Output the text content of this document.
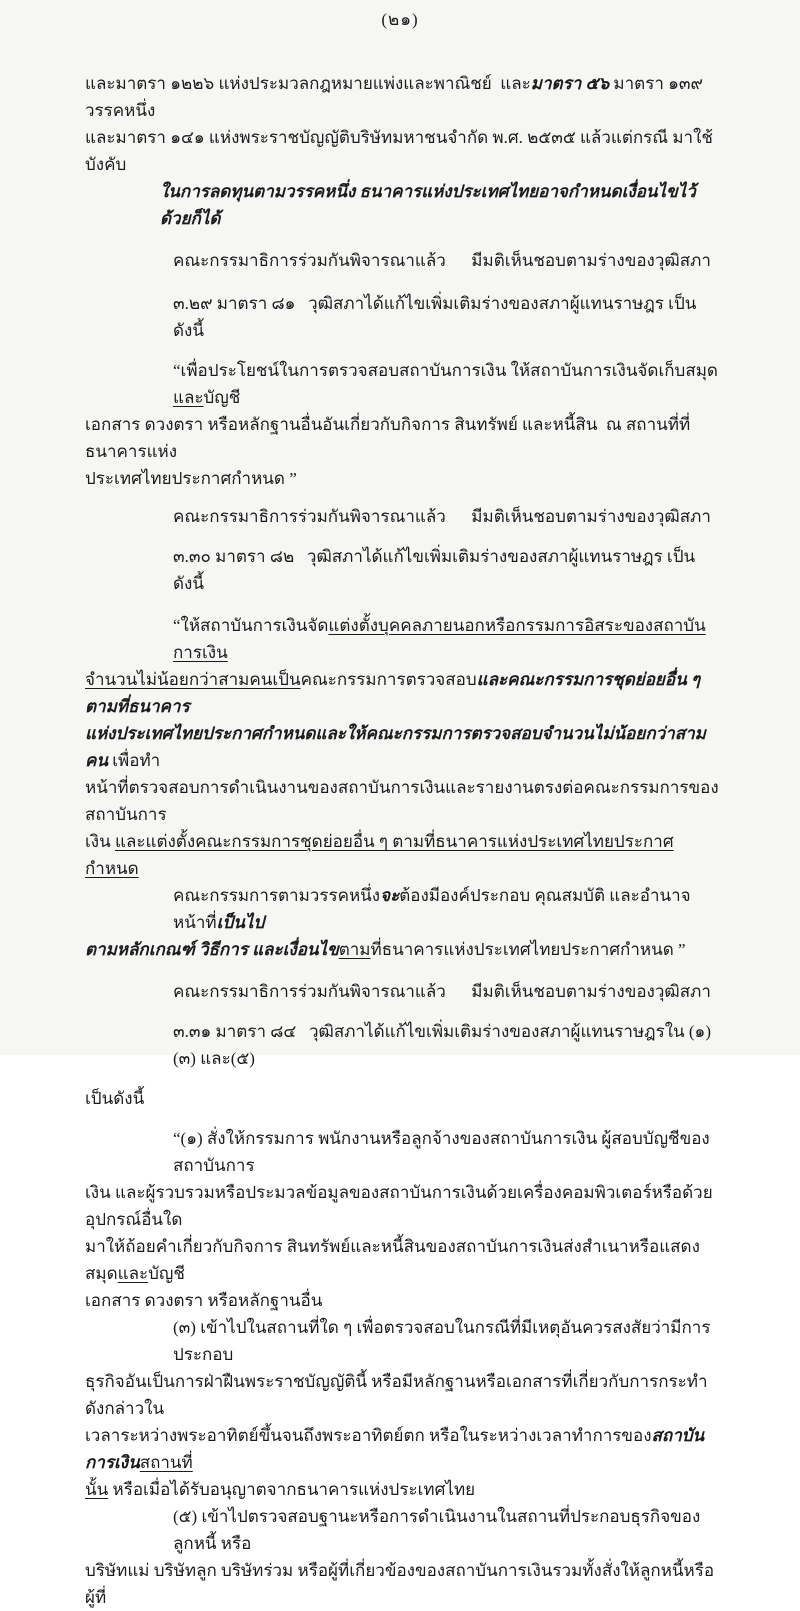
(๒๑)
และมาตรา ๑๒๒๖ แห่งประมวลกฎหมายแพ่งและพาณิชย์  และมาตรา ๕๖ มาตรา ๑๓๙ วรรคหนึ่ง
และมาตรา ๑๔๑ แห่งพระราชบัญญัติบริษัทมหาชนจำกัด พ.ศ. ๒๕๓๕ แล้วแต่กรณี มาใช้บังคับ
ในการลดทุนตามวรรคหนึ่ง ธนาคารแห่งประเทศไทยอาจกำหนดเงื่อนไขไว้ด้วยก็ได้
คณะกรรมาธิการร่วมกันพิจารณาแล้ว      มีมติเห็นชอบตามร่างของวุฒิสภา
๓.๒๙ มาตรา ๘๑   วุฒิสภาได้แก้ไขเพิ่มเติมร่างของสภาผู้แทนราษฎร เป็นดังนี้
“เพื่อประโยชน์ในการตรวจสอบสถาบันการเงิน ให้สถาบันการเงินจัดเก็บสมุดและบัญชี
เอกสาร ดวงตรา หรือหลักฐานอื่นอันเกี่ยวกับกิจการ สินทรัพย์ และหนี้สิน  ณ สถานที่ที่ธนาคารแห่ง
ประเทศไทยประกาศกำหนด ”
คณะกรรมาธิการร่วมกันพิจารณาแล้ว      มีมติเห็นชอบตามร่างของวุฒิสภา
๓.๓๐ มาตรา ๘๒   วุฒิสภาได้แก้ไขเพิ่มเติมร่างของสภาผู้แทนราษฎร เป็นดังนี้
“ให้สถาบันการเงินจัดแต่งตั้งบุคคลภายนอกหรือกรรมการอิสระของสถาบันการเงิน
จำนวนไม่น้อยกว่าสามคนเป็นคณะกรรมการตรวจสอบและคณะกรรมการชุดย่อยอื่น ๆ ตามที่ธนาคาร
แห่งประเทศไทยประกาศกำหนดและให้คณะกรรมการตรวจสอบจำนวนไม่น้อยกว่าสามคน เพื่อทำ
หน้าที่ตรวจสอบการดำเนินงานของสถาบันการเงินและรายงานตรงต่อคณะกรรมการของสถาบันการ
เงิน และแต่งตั้งคณะกรรมการชุดย่อยอื่น ๆ ตามที่ธนาคารแห่งประเทศไทยประกาศกำหนด
คณะกรรมการตามวรรคหนึ่งจะต้องมีองค์ประกอบ คุณสมบัติ และอำนาจหน้าที่เป็นไป
ตามหลักเกณฑ์ วิธีการ และเงื่อนไขตามที่ธนาคารแห่งประเทศไทยประกาศกำหนด ”
คณะกรรมาธิการร่วมกันพิจารณาแล้ว      มีมติเห็นชอบตามร่างของวุฒิสภา
๓.๓๑ มาตรา ๘๔   วุฒิสภาได้แก้ไขเพิ่มเติมร่างของสภาผู้แทนราษฎรใน (๑) (๓) และ(๕)
เป็นดังนี้
“(๑) สั่งให้กรรมการ พนักงานหรือลูกจ้างของสถาบันการเงิน ผู้สอบบัญชีของสถาบันการ
เงิน และผู้รวบรวมหรือประมวลข้อมูลของสถาบันการเงินด้วยเครื่องคอมพิวเตอร์หรือด้วยอุปกรณ์อื่นใด
มาให้ถ้อยคำเกี่ยวกับกิจการ สินทรัพย์และหนี้สินของสถาบันการเงินส่งสำเนาหรือแสดงสมุดและบัญชี
เอกสาร ดวงตรา หรือหลักฐานอื่น
(๓) เข้าไปในสถานที่ใด ๆ เพื่อตรวจสอบในกรณีที่มีเหตุอันควรสงสัยว่ามีการประกอบ
ธุรกิจอันเป็นการฝ่าฝืนพระราชบัญญัตินี้ หรือมีหลักฐานหรือเอกสารที่เกี่ยวกับการกระทำดังกล่าวใน
เวลาระหว่างพระอาทิตย์ขึ้นจนถึงพระอาทิตย์ตก หรือในระหว่างเวลาทำการของสถาบันการเงินสถานที่
นั้น หรือเมื่อได้รับอนุญาตจากธนาคารแห่งประเทศไทย
(๕) เข้าไปตรวจสอบฐานะหรือการดำเนินงานในสถานที่ประกอบธุรกิจของลูกหนี้ หรือ
บริษัทแม่ บริษัทลูก บริษัทร่วม หรือผู้ที่เกี่ยวข้องของสถาบันการเงินรวมทั้งสั่งให้ลูกหนี้หรือผู้ที่
